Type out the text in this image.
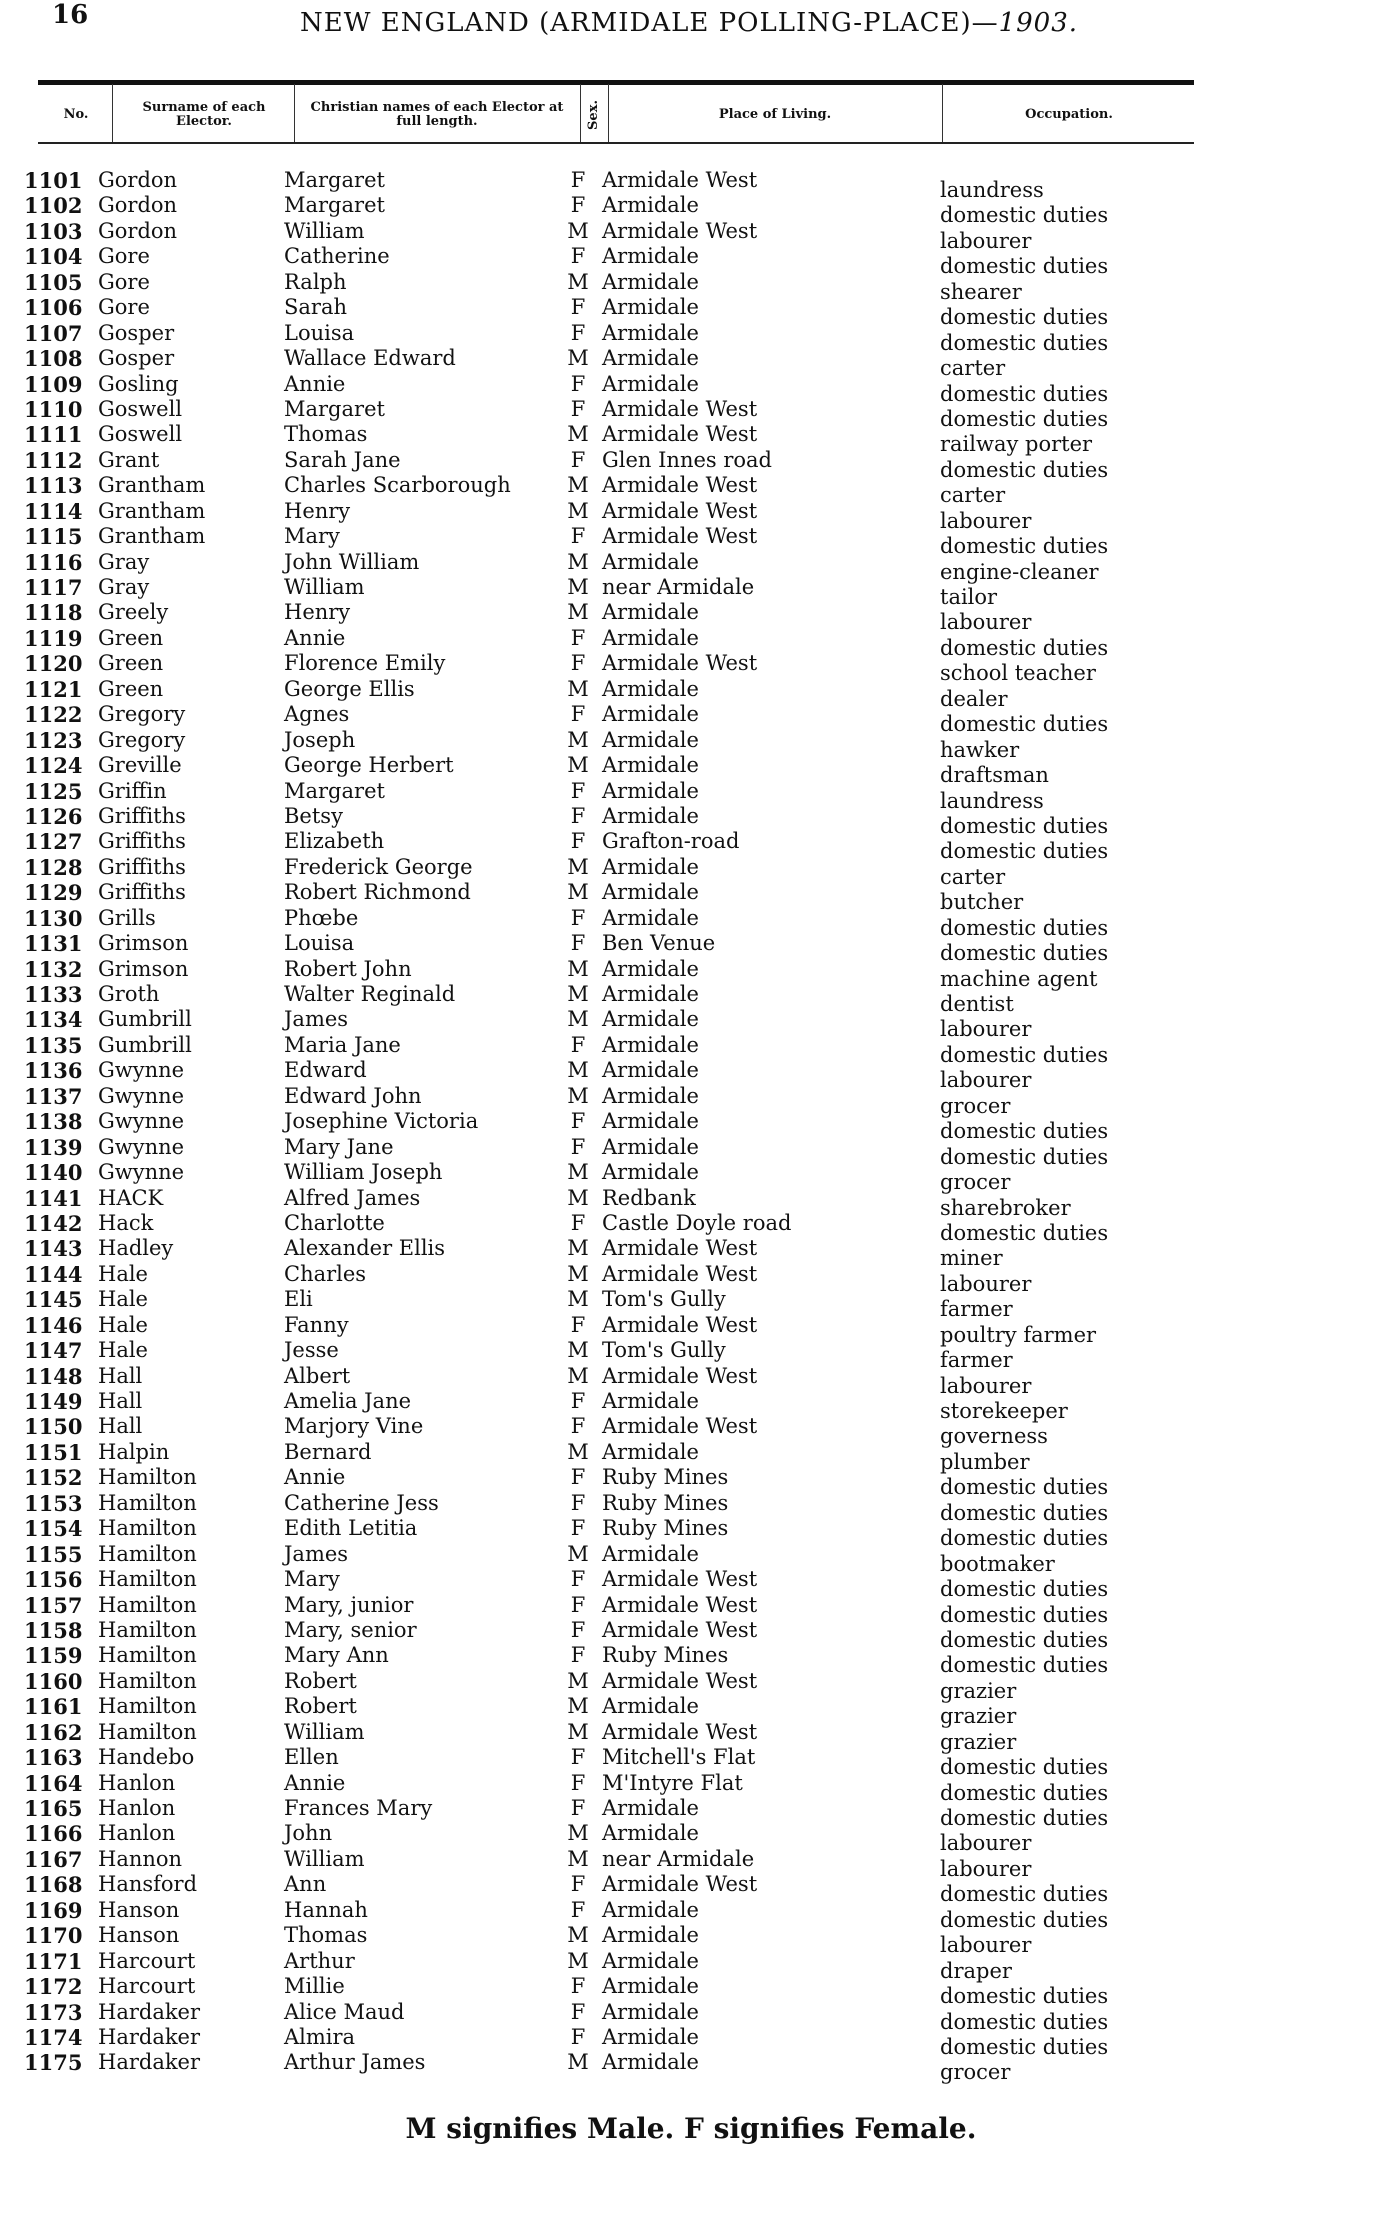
16	NEW ENGLAND (ARMIDALE POLLING-PLACE)—1903.
No.	Surname of each Elector.
Christian names of each Elector at full length.	Sex.	Place of Living.	Occupation.
1101 Gordon	Margaret	F Armidale West	laundress
1102 Gordon	Margaret	F Armidale	domestic duties
1103 Gordon	William	M Armidale West	labourer
1104 Gore	Catherine	F Armidale	domestic duties
1105 Gore	Ralph	M Armidale	shearer
1106 Gore	Sarah	F Armidale	domestic duties
1107 Gosper	Louisa	F Armidale	domestic duties
1108 Gosper	Wallace Edward	M Armidale	carter
1109 Gosling	Annie	F Armidale	domestic duties
1110 Goswell	Margaret	F Armidale West	domestic duties
1111 Goswell	Thomas	M Armidale West	railway porter
1112 Grant	Sarah Jane	F Glen Innes road	domestic duties
1113 Grantham	Charles Scarborough	M Armidale West	carter
1114 Grantham	Henry	M Armidale West	labourer
1115 Grantham	Mary	F Armidale West	domestic duties
1116 Gray	John William	M Armidale	engine-cleaner
1117 Gray	William	M near Armidale	tailor
1118 Greely	Henry	M Armidale	labourer
1119 Green	Annie	F Armidale	domestic duties
1120 Green	Florence Emily	F Armidale West	school teacher
1121 Green	George Ellis	M Armidale	dealer
1122 Gregory	Agnes	F Armidale	domestic duties
1123 Gregory	Joseph	M Armidale	hawker
1124 Greville	George Herbert	M Armidale	draftsman
1125 Griffin	Margaret	F Armidale	laundress
1126 Griffiths	Betsy	F Armidale	domestic duties
1127 Griffiths	Elizabeth	F Grafton-road	domestic duties
1128 Griffiths	Frederick George	M Armidale	carter
1129 Griffiths	Robert Richmond	M Armidale	butcher
1130 Grills	Phœbe	F Armidale	domestic duties
1131 Grimson	Louisa	F Ben Venue	domestic duties
1132 Grimson	Robert John	M Armidale	machine agent
1133 Groth	Walter Reginald	M Armidale	dentist
1134 Gumbrill	James	M Armidale	labourer
1135 Gumbrill	Maria Jane	F Armidale	domestic duties
1136 Gwynne	Edward	M Armidale	labourer
1137 Gwynne	Edward John	M Armidale	grocer
1138 Gwynne	Josephine Victoria	F Armidale	domestic duties
1139 Gwynne	Mary Jane	F Armidale	domestic duties
1140 Gwynne	William Joseph	M Armidale	grocer
1141 HACK	Alfred James	M Redbank	sharebroker
1142 Hack	Charlotte	F Castle Doyle road	domestic duties
1143 Hadley	Alexander Ellis	M Armidale West	miner
1144 Hale	Charles	M Armidale West	labourer
1145 Hale	Eli	M Tom's Gully	farmer
1146 Hale	Fanny	F Armidale West	poultry farmer
1147 Hale	Jesse	M Tom's Gully	farmer
1148 Hall	Albert	M Armidale West	labourer
1149 Hall	Amelia Jane	F Armidale	storekeeper
1150 Hall	Marjory Vine	F Armidale West	governess
1151 Halpin	Bernard	M Armidale	plumber
1152 Hamilton	Annie	F Ruby Mines	domestic duties
1153 Hamilton	Catherine Jess	F Ruby Mines	domestic duties
1154 Hamilton	Edith Letitia	F Ruby Mines	domestic duties
1155 Hamilton	James	M Armidale	bootmaker
1156 Hamilton	Mary	F Armidale West	domestic duties
1157 Hamilton	Mary, junior	F Armidale West	domestic duties
1158 Hamilton	Mary, senior	F Armidale West	domestic duties
1159 Hamilton	Mary Ann	F Ruby Mines	domestic duties
1160 Hamilton	Robert	M Armidale West	grazier
1161 Hamilton	Robert	M Armidale	grazier
1162 Hamilton	William	M Armidale West	grazier
1163 Handebo	Ellen	F Mitchell's Flat	domestic duties
1164 Hanlon	Annie	F M'Intyre Flat	domestic duties
1165 Hanlon	Frances Mary	F Armidale	domestic duties
1166 Hanlon	John	M Armidale	labourer
1167 Hannon	William	M near Armidale	labourer
1168 Hansford	Ann	F Armidale West	domestic duties
1169 Hanson	Hannah	F Armidale	domestic duties
1170 Hanson	Thomas	M Armidale	labourer
1171 Harcourt	Arthur	M Armidale	draper
1172 Harcourt	Millie	F Armidale	domestic duties
1173 Hardaker	Alice Maud	F Armidale	domestic duties
1174 Hardaker	Almira	F Armidale	domestic duties
1175 Hardaker	Arthur James	M Armidale	grocer
M signifies Male. F signifies Female.
